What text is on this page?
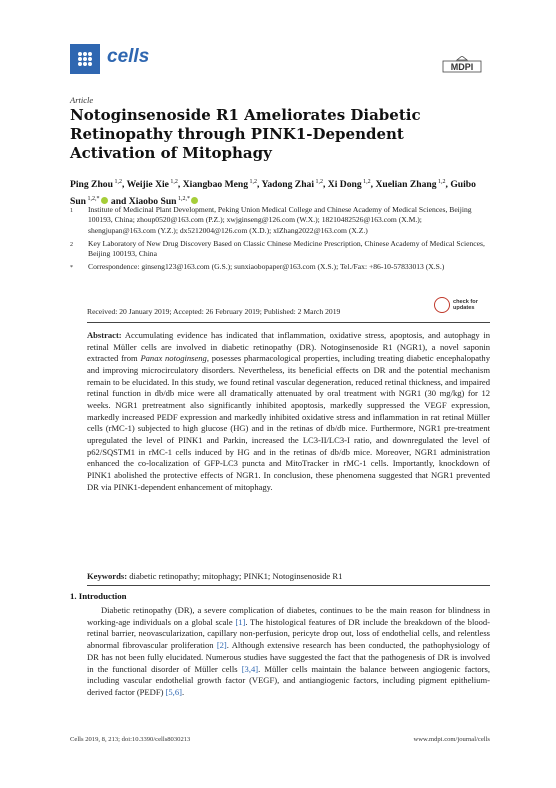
cells	MDPI
Article
Notoginsenoside R1 Ameliorates Diabetic Retinopathy through PINK1-Dependent Activation of Mitophagy
Ping Zhou $^{1,2}$, Weijie Xie $^{1,2}$, Xiangbao Meng $^{1,2}$, Yadong Zhai $^{1,2}$, Xi Dong $^{1,2}$, Xuelian Zhang $^{1,2}$, Guibo Sun $^{1,2,*}$ and Xiaobo Sun $^{1,2,*}$
1	Institute of Medicinal Plant Development, Peking Union Medical College and Chinese Academy of Medical Sciences, Beijing 100193, China; zhoup0520@163.com (P.Z.); xwjginseng@126.com (W.X.); 18210482526@163.com (X.M.); shengjupan@163.com (Y.Z.); dx5212004@126.com (X.D.); xlZhang2022@163.com (X.Z.)
2	Key Laboratory of New Drug Discovery Based on Classic Chinese Medicine Prescription, Chinese Academy of Medical Sciences, Beijing 100193, China
*	Correspondence: ginseng123@163.com (G.S.); sunxiaobopaper@163.com (X.S.); Tel./Fax: +86-10-57833013 (X.S.)
Received: 20 January 2019; Accepted: 26 February 2019; Published: 2 March 2019
check for
updates

Abstract: Accumulating evidence has indicated that inflammation, oxidative stress, apoptosis, and autophagy in retinal Müller cells are involved in diabetic retinopathy (DR). Notoginsenoside R1 (NGR1), a novel saponin extracted from Panax notoginseng, posesses pharmacological properties, including treating diabetic encephalopathy and improving microcirculatory disorders. Nevertheless, its beneficial effects on DR and the potential mechanism remain to be elucidated. In this study, we found retinal vascular degeneration, reduced retinal thickness, and impaired retinal function in db/db mice were all dramatically attenuated by oral treatment with NGR1 (30 mg/kg) for 12 weeks. NGR1 pretreatment also significantly inhibited apoptosis, markedly suppressed the VEGF expression, markedly increased PEDF expression and markedly inhibited oxidative stress and inflammation in rat retinal Müller cells (rMC-1) subjected to high glucose (HG) and in the retinas of db/db mice. Furthermore, NGR1 pre-treatment upregulated the level of PINK1 and Parkin, increased the LC3-II/LC3-I ratio, and downregulated the level of p62/SQSTM1 in rMC-1 cells induced by HG and in the retinas of db/db mice. Moreover, NGR1 administration enhanced the co-localization of GFP-LC3 puncta and MitoTracker in rMC-1 cells. Importantly, knockdown of PINK1 abolished the protective effects of NGR1. In conclusion, these phenomena suggested that NGR1 prevented DR via PINK1-dependent enhancement of mitophagy.

Keywords: diabetic retinopathy; mitophagy; PINK1; Notoginsenoside R1
1. Introduction

Diabetic retinopathy (DR), a severe complication of diabetes, continues to be the main reason for blindness in working-age individuals on a global scale [1]. The histological features of DR include the breakdown of the blood-retinal barrier, neovascularization, capillary non-perfusion, pericyte drop out, loss of endothelial cells, and relentless abnormal fibrovascular proliferation [2]. Although extensive research has been conducted, the pathophysiology of DR has not been fully elucidated. Numerous studies have suggested the fact that the pathogenesis of DR is involved in the functional disorder of Müller cells [3,4]. Müller cells maintain the balance between angiogenic factors, including vascular endothelial growth factor (VEGF), and antiangiogenic factors, including pigment epithelium-derived factor (PEDF) [5,6].

Cells 2019, 8, 213; doi:10.3390/cells8030213	www.mdpi.com/journal/cells
